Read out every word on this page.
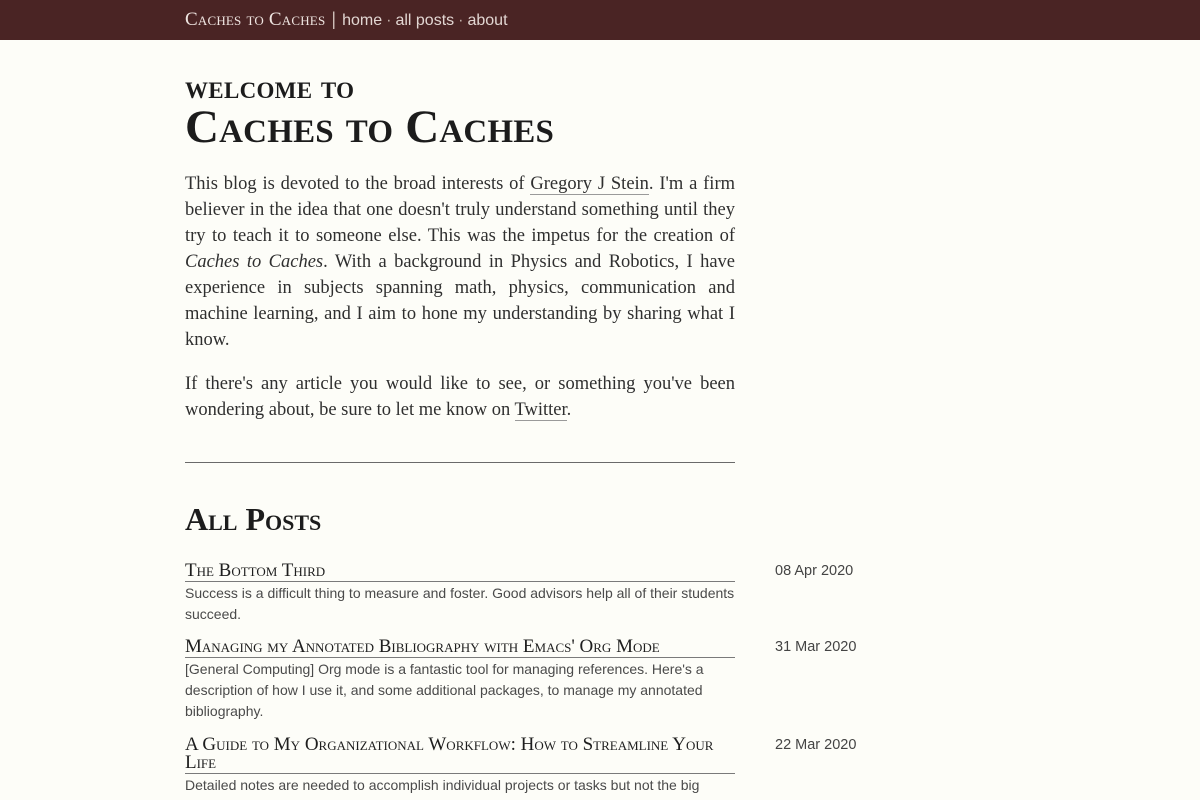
Caches to Caches | home · all posts · about
welcome to
Caches to Caches

This blog is devoted to the broad interests of Gregory J Stein. I'm a firm believer in the idea that one doesn't truly understand something until they try to teach it to someone else. This was the impetus for the creation of Caches to Caches. With a background in Physics and Robotics, I have experience in subjects spanning math, physics, communication and machine learning, and I aim to hone my understanding by sharing what I know.

If there's any article you would like to see, or something you've been wondering about, be sure to let me know on Twitter.

All Posts
The Bottom Third	08 Apr 2020
Success is a difficult thing to measure and foster. Good advisors help all of their students succeed.
Managing my Annotated Bibliography with Emacs' Org Mode	31 Mar 2020
[General Computing] Org mode is a fantastic tool for managing references. Here's a description of how I use it, and some additional packages, to manage my annotated bibliography.
A Guide to My Organizational Workflow: How to Streamline Your Life
22 Mar 2020
Detailed notes are needed to accomplish individual projects or tasks but not the big
